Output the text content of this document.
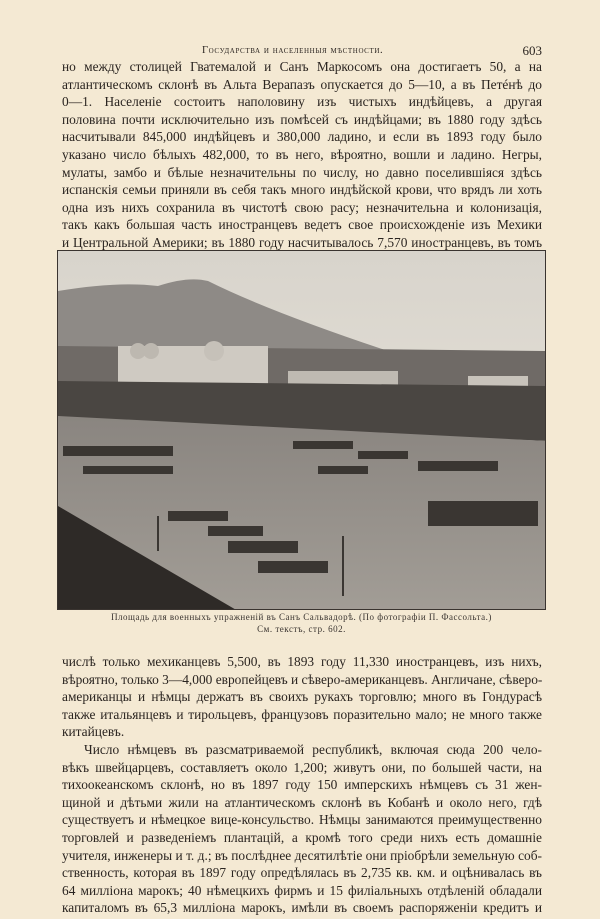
Государства и населенныя мѣстности.	603
но между столицей Гватемалой и Санъ Маркосомъ она достигаетъ 50, а на
атлантическомъ склонѣ въ Альта Верапазъ опускается до 5—10, а въ Петéнѣ до
0—1. Населеніе состоитъ наполовину изъ чистыхъ индѣйцевъ, а другая
половина почти исключительно изъ помѣсей съ индѣйцами; въ 1880 году здѣсь
насчитывали 845,000 индѣйцевъ и 380,000 ладино, и если въ 1893 году было
указано число бѣлыхъ 482,000, то въ него, вѣроятно, вошли и ладино. Негры,
мулаты, замбо и бѣлые незначительны по числу, но давно поселившіяся здѣсь
испанскія семьи приняли въ себя такъ много индѣйской крови, что врядъ ли хоть
одна изъ нихъ сохранила въ чистотѣ свою расу; незначительна и колонизація,
такъ какъ большая часть иностранцевъ ведетъ свое происхожденіе изъ Мехики
и Центральной Америки; въ 1880 году насчитывалось 7,570 иностранцевъ, въ томъ
Площадь для военныхъ упражненій въ Санъ Сальвадорѣ. (По фотографіи П. Фассольта.)
См. текстъ, стр. 602.
числѣ только мехиканцевъ 5,500, въ 1893 году 11,330 иностранцевъ, изъ нихъ,
вѣроятно, только 3—4,000 европейцевъ и сѣверо-американцевъ. Англичане, сѣверо-
американцы и нѣмцы держатъ въ своихъ рукахъ торговлю; много въ Гондурасѣ
также итальянцевъ и тирольцевъ, французовъ поразительно мало; не много также
китайцевъ.
Число нѣмцевъ въ разсматриваемой республикѣ, включая сюда 200 чело-
вѣкъ швейцарцевъ, составляетъ около 1,200; живутъ они, по большей части, на
тихоокеанскомъ склонѣ, но въ 1897 году 150 имперскихъ нѣмцевъ съ 31 жен-
щиной и дѣтьми жили на атлантическомъ склонѣ въ Кобанѣ и около него, гдѣ
существуетъ и нѣмецкое вице-консульство. Нѣмцы занимаются преимущественно
торговлей и разведеніемъ плантацій, а кромѣ того среди нихъ есть домашніе
учителя, инженеры и т. д.; въ послѣднее десятилѣтіе они пріобрѣли земельную соб-
ственность, которая въ 1897 году опредѣлялась въ 2,735 кв. км. и оцѣнивалась въ
64 милліона марокъ; 40 нѣмецкихъ фирмъ и 15 филіальныхъ отдѣленій обладали
капиталомъ въ 65,3 милліона марокъ, имѣли въ своемъ распоряженіи кредитъ и
